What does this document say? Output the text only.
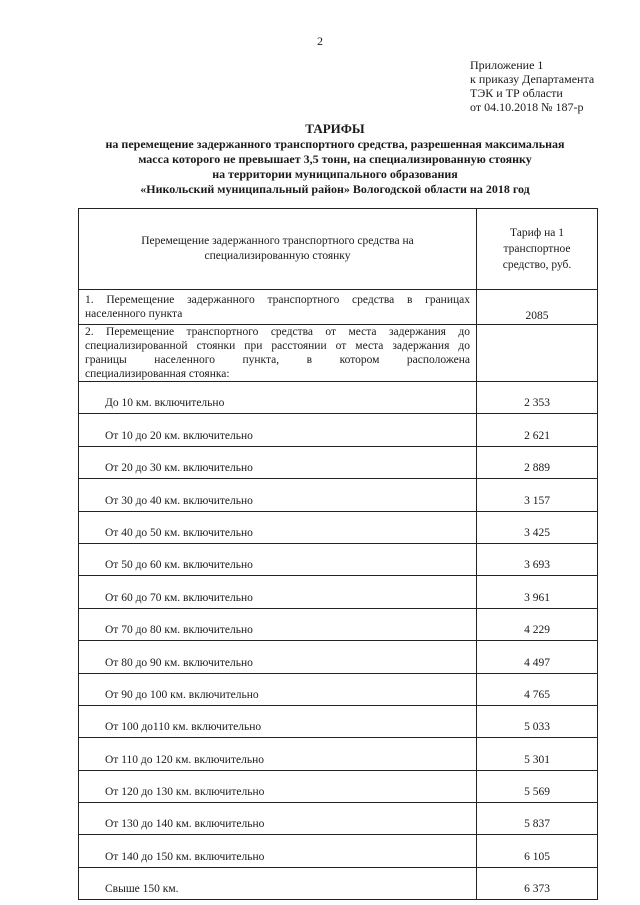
2
Приложение 1
к приказу Департамента
ТЭК и ТР области
от 04.10.2018 № 187-р
ТАРИФЫ
на перемещение задержанного транспортного средства, разрешенная максимальная
масса которого не превышает 3,5 тонн, на специализированную стоянку
на территории муниципального образования
«Никольский муниципальный район» Вологодской области на 2018 год
Перемещение задержанного транспортного средства на специализированную стоянку	Тариф на 1
транспортное
средство, руб.

1. Перемещение задержанного транспортного средства в границах
населенного пункта	2085

2. Перемещение транспортного средства от места задержания до
специализированной стоянки при расстоянии от места задержания до
границы населенного пункта, в котором расположена
специализированная стоянка:	

До 10 км. включительно	2 353
От 10 до 20 км. включительно	2 621
От 20 до 30 км. включительно	2 889
От 30 до 40 км. включительно	3 157
От 40 до 50 км. включительно	3 425
От 50 до 60 км. включительно	3 693
От 60 до 70 км. включительно	3 961
От 70 до 80 км. включительно	4 229
От 80 до 90 км. включительно	4 497
От 90 до 100 км. включительно	4 765
От 100 до110 км. включительно	5 033
От 110 до 120 км. включительно	5 301
От 120 до 130 км. включительно	5 569
От 130 до 140 км. включительно	5 837
От 140 до 150 км. включительно	6 105
Свыше 150 км.	6 373
